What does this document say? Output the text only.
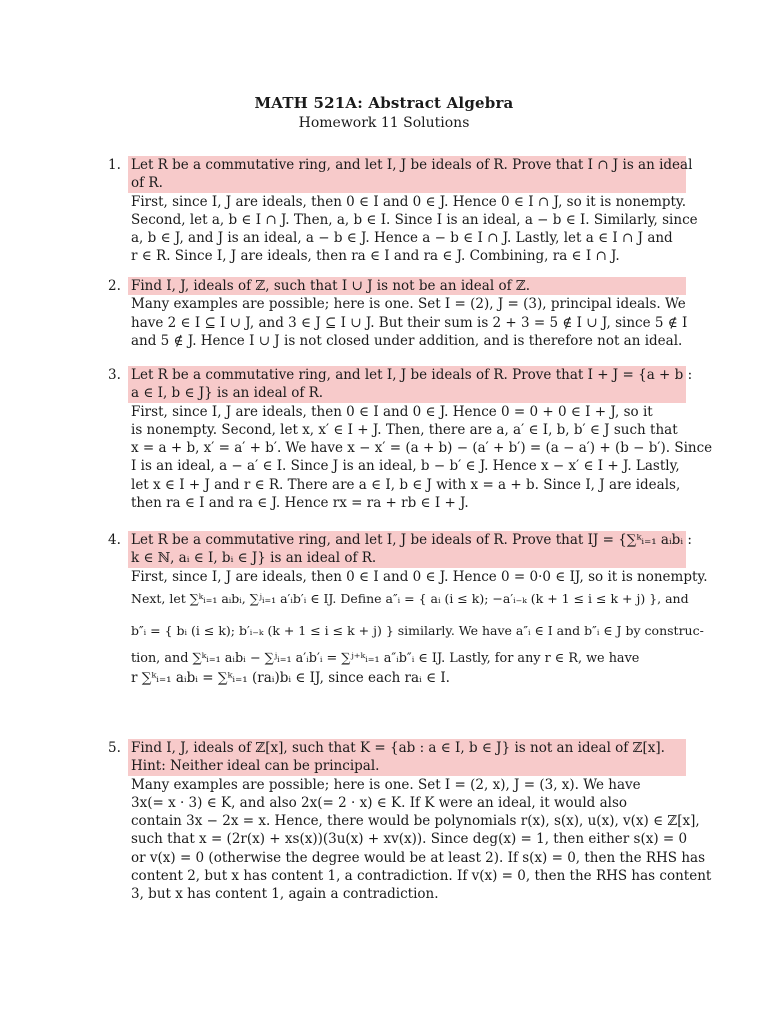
MATH 521A: Abstract Algebra
Homework 11 Solutions
1. Let R be a commutative ring, and let I, J be ideals of R. Prove that I ∩ J is an ideal
of R.
First, since I, J are ideals, then 0 ∈ I and 0 ∈ J. Hence 0 ∈ I ∩ J, so it is nonempty.
Second, let a, b ∈ I ∩ J. Then, a, b ∈ I. Since I is an ideal, a − b ∈ I. Similarly, since
a, b ∈ J, and J is an ideal, a − b ∈ J. Hence a − b ∈ I ∩ J. Lastly, let a ∈ I ∩ J and
r ∈ R. Since I, J are ideals, then ra ∈ I and ra ∈ J. Combining, ra ∈ I ∩ J.
2. Find I, J, ideals of ℤ, such that I ∪ J is not be an ideal of ℤ.
Many examples are possible; here is one. Set I = (2), J = (3), principal ideals. We
have 2 ∈ I ⊆ I ∪ J, and 3 ∈ J ⊆ I ∪ J. But their sum is 2 + 3 = 5 ∉ I ∪ J, since 5 ∉ I
and 5 ∉ J. Hence I ∪ J is not closed under addition, and is therefore not an ideal.
3. Let R be a commutative ring, and let I, J be ideals of R. Prove that I + J = {a + b :
a ∈ I, b ∈ J} is an ideal of R.
First, since I, J are ideals, then 0 ∈ I and 0 ∈ J. Hence 0 = 0 + 0 ∈ I + J, so it
is nonempty. Second, let x, x′ ∈ I + J. Then, there are a, a′ ∈ I, b, b′ ∈ J such that
x = a + b, x′ = a′ + b′. We have x − x′ = (a + b) − (a′ + b′) = (a − a′) + (b − b′). Since
I is an ideal, a − a′ ∈ I. Since J is an ideal, b − b′ ∈ J. Hence x − x′ ∈ I + J. Lastly,
let x ∈ I + J and r ∈ R. There are a ∈ I, b ∈ J with x = a + b. Since I, J are ideals,
then ra ∈ I and ra ∈ J. Hence rx = ra + rb ∈ I + J.
4. Let R be a commutative ring, and let I, J be ideals of R. Prove that IJ = {∑ᵏᵢ₌₁ aᵢbᵢ :
k ∈ ℕ, aᵢ ∈ I, bᵢ ∈ J} is an ideal of R.
First, since I, J are ideals, then 0 ∈ I and 0 ∈ J. Hence 0 = 0·0 ∈ IJ, so it is nonempty.
Next, let ∑ᵏᵢ₌₁ aᵢbᵢ, ∑ʲᵢ₌₁ a′ᵢb′ᵢ ∈ IJ. Define a″ᵢ = { aᵢ (i ≤ k); −a′ᵢ₋ₖ (k + 1 ≤ i ≤ k + j) }, and
b″ᵢ = { bᵢ (i ≤ k); b′ᵢ₋ₖ (k + 1 ≤ i ≤ k + j) } similarly. We have a″ᵢ ∈ I and b″ᵢ ∈ J by construc-
tion, and ∑ᵏᵢ₌₁ aᵢbᵢ − ∑ʲᵢ₌₁ a′ᵢb′ᵢ = ∑ʲ⁺ᵏᵢ₌₁ a″ᵢb″ᵢ ∈ IJ. Lastly, for any r ∈ R, we have
r ∑ᵏᵢ₌₁ aᵢbᵢ = ∑ᵏᵢ₌₁ (raᵢ)bᵢ ∈ IJ, since each raᵢ ∈ I.
5. Find I, J, ideals of ℤ[x], such that K = {ab : a ∈ I, b ∈ J} is not an ideal of ℤ[x].
Hint: Neither ideal can be principal.
Many examples are possible; here is one. Set I = (2, x), J = (3, x). We have
3x(= x · 3) ∈ K, and also 2x(= 2 · x) ∈ K. If K were an ideal, it would also
contain 3x − 2x = x. Hence, there would be polynomials r(x), s(x), u(x), v(x) ∈ ℤ[x],
such that x = (2r(x) + xs(x))(3u(x) + xv(x)). Since deg(x) = 1, then either s(x) = 0
or v(x) = 0 (otherwise the degree would be at least 2). If s(x) = 0, then the RHS has
content 2, but x has content 1, a contradiction. If v(x) = 0, then the RHS has content
3, but x has content 1, again a contradiction.
